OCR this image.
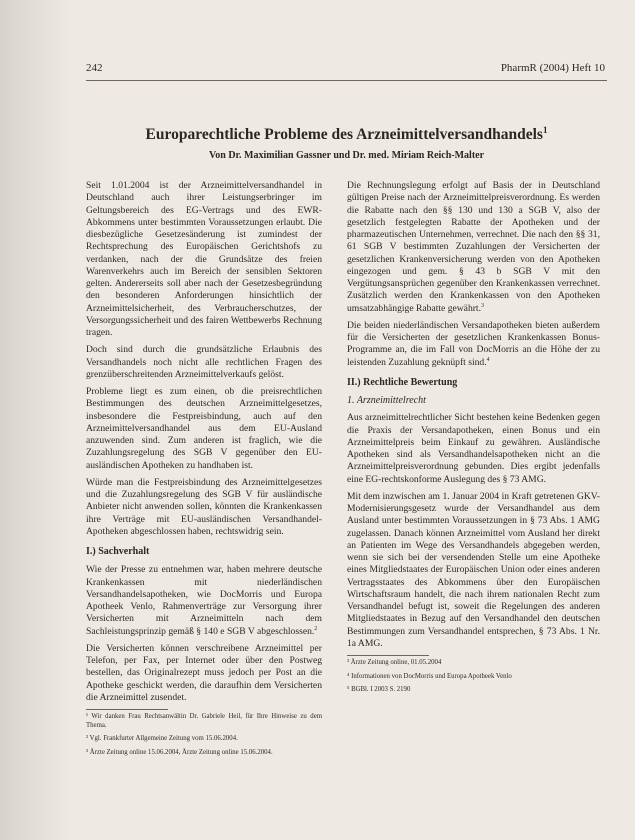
242	PharmR (2004) Heft 10
Europarechtliche Probleme des Arzneimittelversandhandels$^1$
Von Dr. Maximilian Gassner und Dr. med. Miriam Reich-Malter

Seit 1.01.2004 ist der Arzneimittelversandhandel in Deutschland auch ihrer Leistungserbringer im Geltungsbereich des EG-Vertrags und des EWR-Abkommens unter bestimmten Voraussetzungen erlaubt. Die diesbezügliche Gesetzesänderung ist zumindest der Rechtsprechung des Europäischen Gerichtshofs zu verdanken, nach der die Grundsätze des freien Warenverkehrs auch im Bereich der sensiblen Sektoren gelten. Andererseits soll aber nach der Gesetzesbegründung den besonderen Anforderungen hinsichtlich der Arzneimittelsicherheit, des Verbraucherschutzes, der Versorgungssicherheit und des fairen Wettbewerbs Rechnung tragen.

Doch sind durch die grundsätzliche Erlaubnis des Versandhandels noch nicht alle rechtlichen Fragen des grenzüberschreitenden Arzneimittelverkaufs gelöst.

Probleme liegt es zum einen, ob die preisrechtlichen Bestimmungen des deutschen Arzneimittelgesetzes, insbesondere die Festpreisbindung, auch auf den Arzneimittelversandhandel aus dem EU-Ausland anzuwenden sind. Zum anderen ist fraglich, wie die Zuzahlungsregelung des SGB V gegenüber den EU-ausländischen Apotheken zu handhaben ist.

Würde man die Festpreisbindung des Arzneimittelgesetzes und die Zuzahlungsregelung des SGB V für ausländische Anbieter nicht anwenden sollen, könnten die Krankenkassen ihre Verträge mit EU-ausländischen Versandhandel-Apotheken abgeschlossen haben, rechtswidrig sein.

I.) Sachverhalt

Wie der Presse zu entnehmen war, haben mehrere deutsche Krankenkassen mit niederländischen Versandhandelsapotheken, wie DocMorris und Europa Apotheek Venlo, Rahmenverträge zur Versorgung ihrer Versicherten mit Arzneimitteln nach dem Sachleistungsprinzip gemäß § 140 e SGB V abgeschlossen.$^2$

Die Versicherten können verschreibene Arzneimittel per Telefon, per Fax, per Internet oder über den Postweg bestellen, das Originalrezept muss jedoch per Post an die Apotheke geschickt werden, die daraufhin dem Versicherten die Arzneimittel zusendet.

¹ Wir danken Frau Rechtsanwältin Dr. Gabriele Heil, für Ihre Hinweise zu dem Thema.

² Vgl. Frankfurter Allgemeine Zeitung vom 15.06.2004.

³ Ärzte Zeitung online 15.06.2004, Ärzte Zeitung online 15.06.2004.

Die Rechnungslegung erfolgt auf Basis der in Deutschland gültigen Preise nach der Arzneimittelpreisverordnung. Es werden die Rabatte nach den §§ 130 und 130 a SGB V, also der gesetzlich festgelegten Rabatte der Apotheken und der pharmazeutischen Unternehmen, verrechnet. Die nach den §§ 31, 61 SGB V bestimmten Zuzahlungen der Versicherten der gesetzlichen Krankenversicherung werden von den Apotheken eingezogen und gem. § 43 b SGB V mit den Vergütungsansprüchen gegenüber den Krankenkassen verrechnet. Zusätzlich werden den Krankenkassen von den Apotheken umsatzabhängige Rabatte gewährt.$^3$

Die beiden niederländischen Versandapotheken bieten außerdem für die Versicherten der gesetzlichen Krankenkassen Bonus-Programme an, die im Fall von DocMorris an die Höhe der zu leistenden Zuzahlung geknüpft sind.$^4$

II.) Rechtliche Bewertung
1. Arzneimittelrecht

Aus arzneimittelrechtlicher Sicht bestehen keine Bedenken gegen die Praxis der Versandapotheken, einen Bonus und ein Arzneimittelpreis beim Einkauf zu gewähren. Ausländische Apotheken sind als Versandhandelsapotheken nicht an die Arzneimittelpreisverordnung gebunden. Dies ergibt jedenfalls eine EG-rechtskonforme Auslegung des § 73 AMG.

Mit dem inzwischen am 1. Januar 2004 in Kraft getretenen GKV-Modernisierungsgesetz wurde der Versandhandel aus dem Ausland unter bestimmten Voraussetzungen in § 73 Abs. 1 AMG zugelassen. Danach können Arzneimittel vom Ausland her direkt an Patienten im Wege des Versandhandels abgegeben werden, wenn sie sich bei der versendenden Stelle um eine Apotheke eines Mitgliedstaates der Europäischen Union oder eines anderen Vertragsstaates des Abkommens über den Europäischen Wirtschaftsraum handelt, die nach ihrem nationalen Recht zum Versandhandel befugt ist, soweit die Regelungen des anderen Mitgliedstaates in Bezug auf den Versandhandel den deutschen Bestimmungen zum Versandhandel entsprechen, § 73 Abs. 1 Nr. 1a AMG.

³ Ärzte Zeitung online, 01.05.2004

⁴ Informationen von DocMorris und Europa Apotheek Venlo

⁵ BGBl. I 2003 S. 2190
